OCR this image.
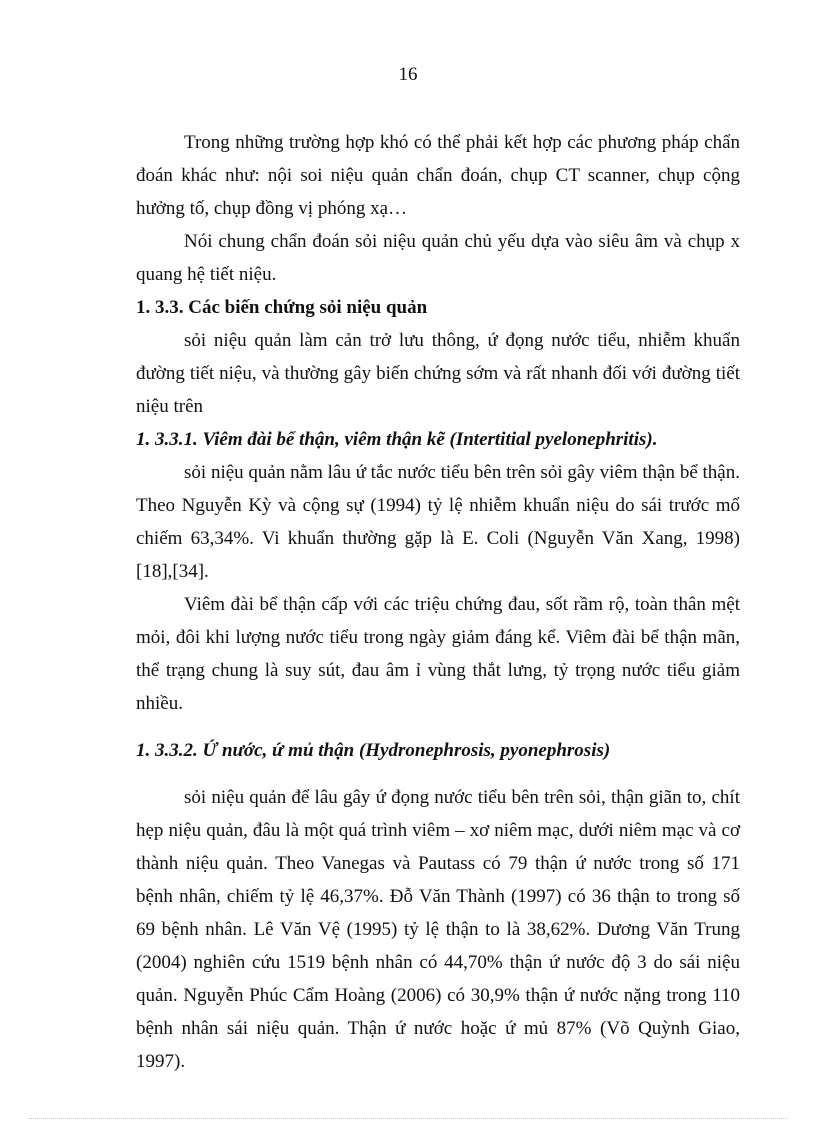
16

Trong những trường hợp khó có thể phải kết hợp các phương pháp chẩn đoán khác như: nội soi niệu quản chẩn đoán, chụp CT scanner, chụp cộng hưởng tố, chụp đồng vị phóng xạ…

Nói chung chẩn đoán sỏi niệu quản chủ yếu dựa vào siêu âm và chụp x quang hệ tiết niệu.

1. 3.3. Các biến chứng sỏi niệu quản

sỏi niệu quản làm cản trở lưu thông, ứ đọng nước tiểu, nhiễm khuẩn đường tiết niệu, và thường gây biến chứng sớm và rất nhanh đối với đường tiết niệu trên

1. 3.3.1. Viêm đài bể thận, viêm thận kẽ (Intertitial pyelonephritis).

sỏi niệu quản nằm lâu ứ tắc nước tiểu bên trên sỏi gây viêm thận bể thận. Theo Nguyễn Kỳ và cộng sự (1994) tỷ lệ nhiễm khuẩn niệu do sái trước mổ chiếm 63,34%. Vi khuẩn thường gặp là E. Coli (Nguyễn Văn Xang, 1998) [18],[34].

Viêm đài bể thận cấp với các triệu chứng đau, sốt rầm rộ, toàn thân mệt mỏi, đôi khi lượng nước tiểu trong ngày giảm đáng kể. Viêm đài bể thận mãn, thể trạng chung là suy sút, đau âm ỉ vùng thắt lưng, tỷ trọng nước tiểu giảm nhiều.

1. 3.3.2. Ứ nước, ứ mủ thận (Hydronephrosis, pyonephrosis)

sỏi niệu quản để lâu gây ứ đọng nước tiểu bên trên sỏi, thận giãn to, chít hẹp niệu quản, đâu là một quá trình viêm – xơ niêm mạc, dưới niêm mạc và cơ thành niệu quản. Theo Vanegas và Pautass có 79 thận ứ nước trong số 171 bệnh nhân, chiếm tỷ lệ 46,37%. Đỗ Văn Thành (1997) có 36 thận to trong số 69 bệnh nhân. Lê Văn Vệ (1995) tỷ lệ thận to là 38,62%. Dương Văn Trung (2004) nghiên cứu 1519 bệnh nhân có 44,70% thận ứ nước độ 3 do sái niệu quản. Nguyễn Phúc Cẩm Hoàng (2006) có 30,9% thận ứ nước nặng trong 110 bệnh nhân sái niệu quản. Thận ứ nước hoặc ứ mủ 87% (Võ Quỳnh Giao, 1997).
